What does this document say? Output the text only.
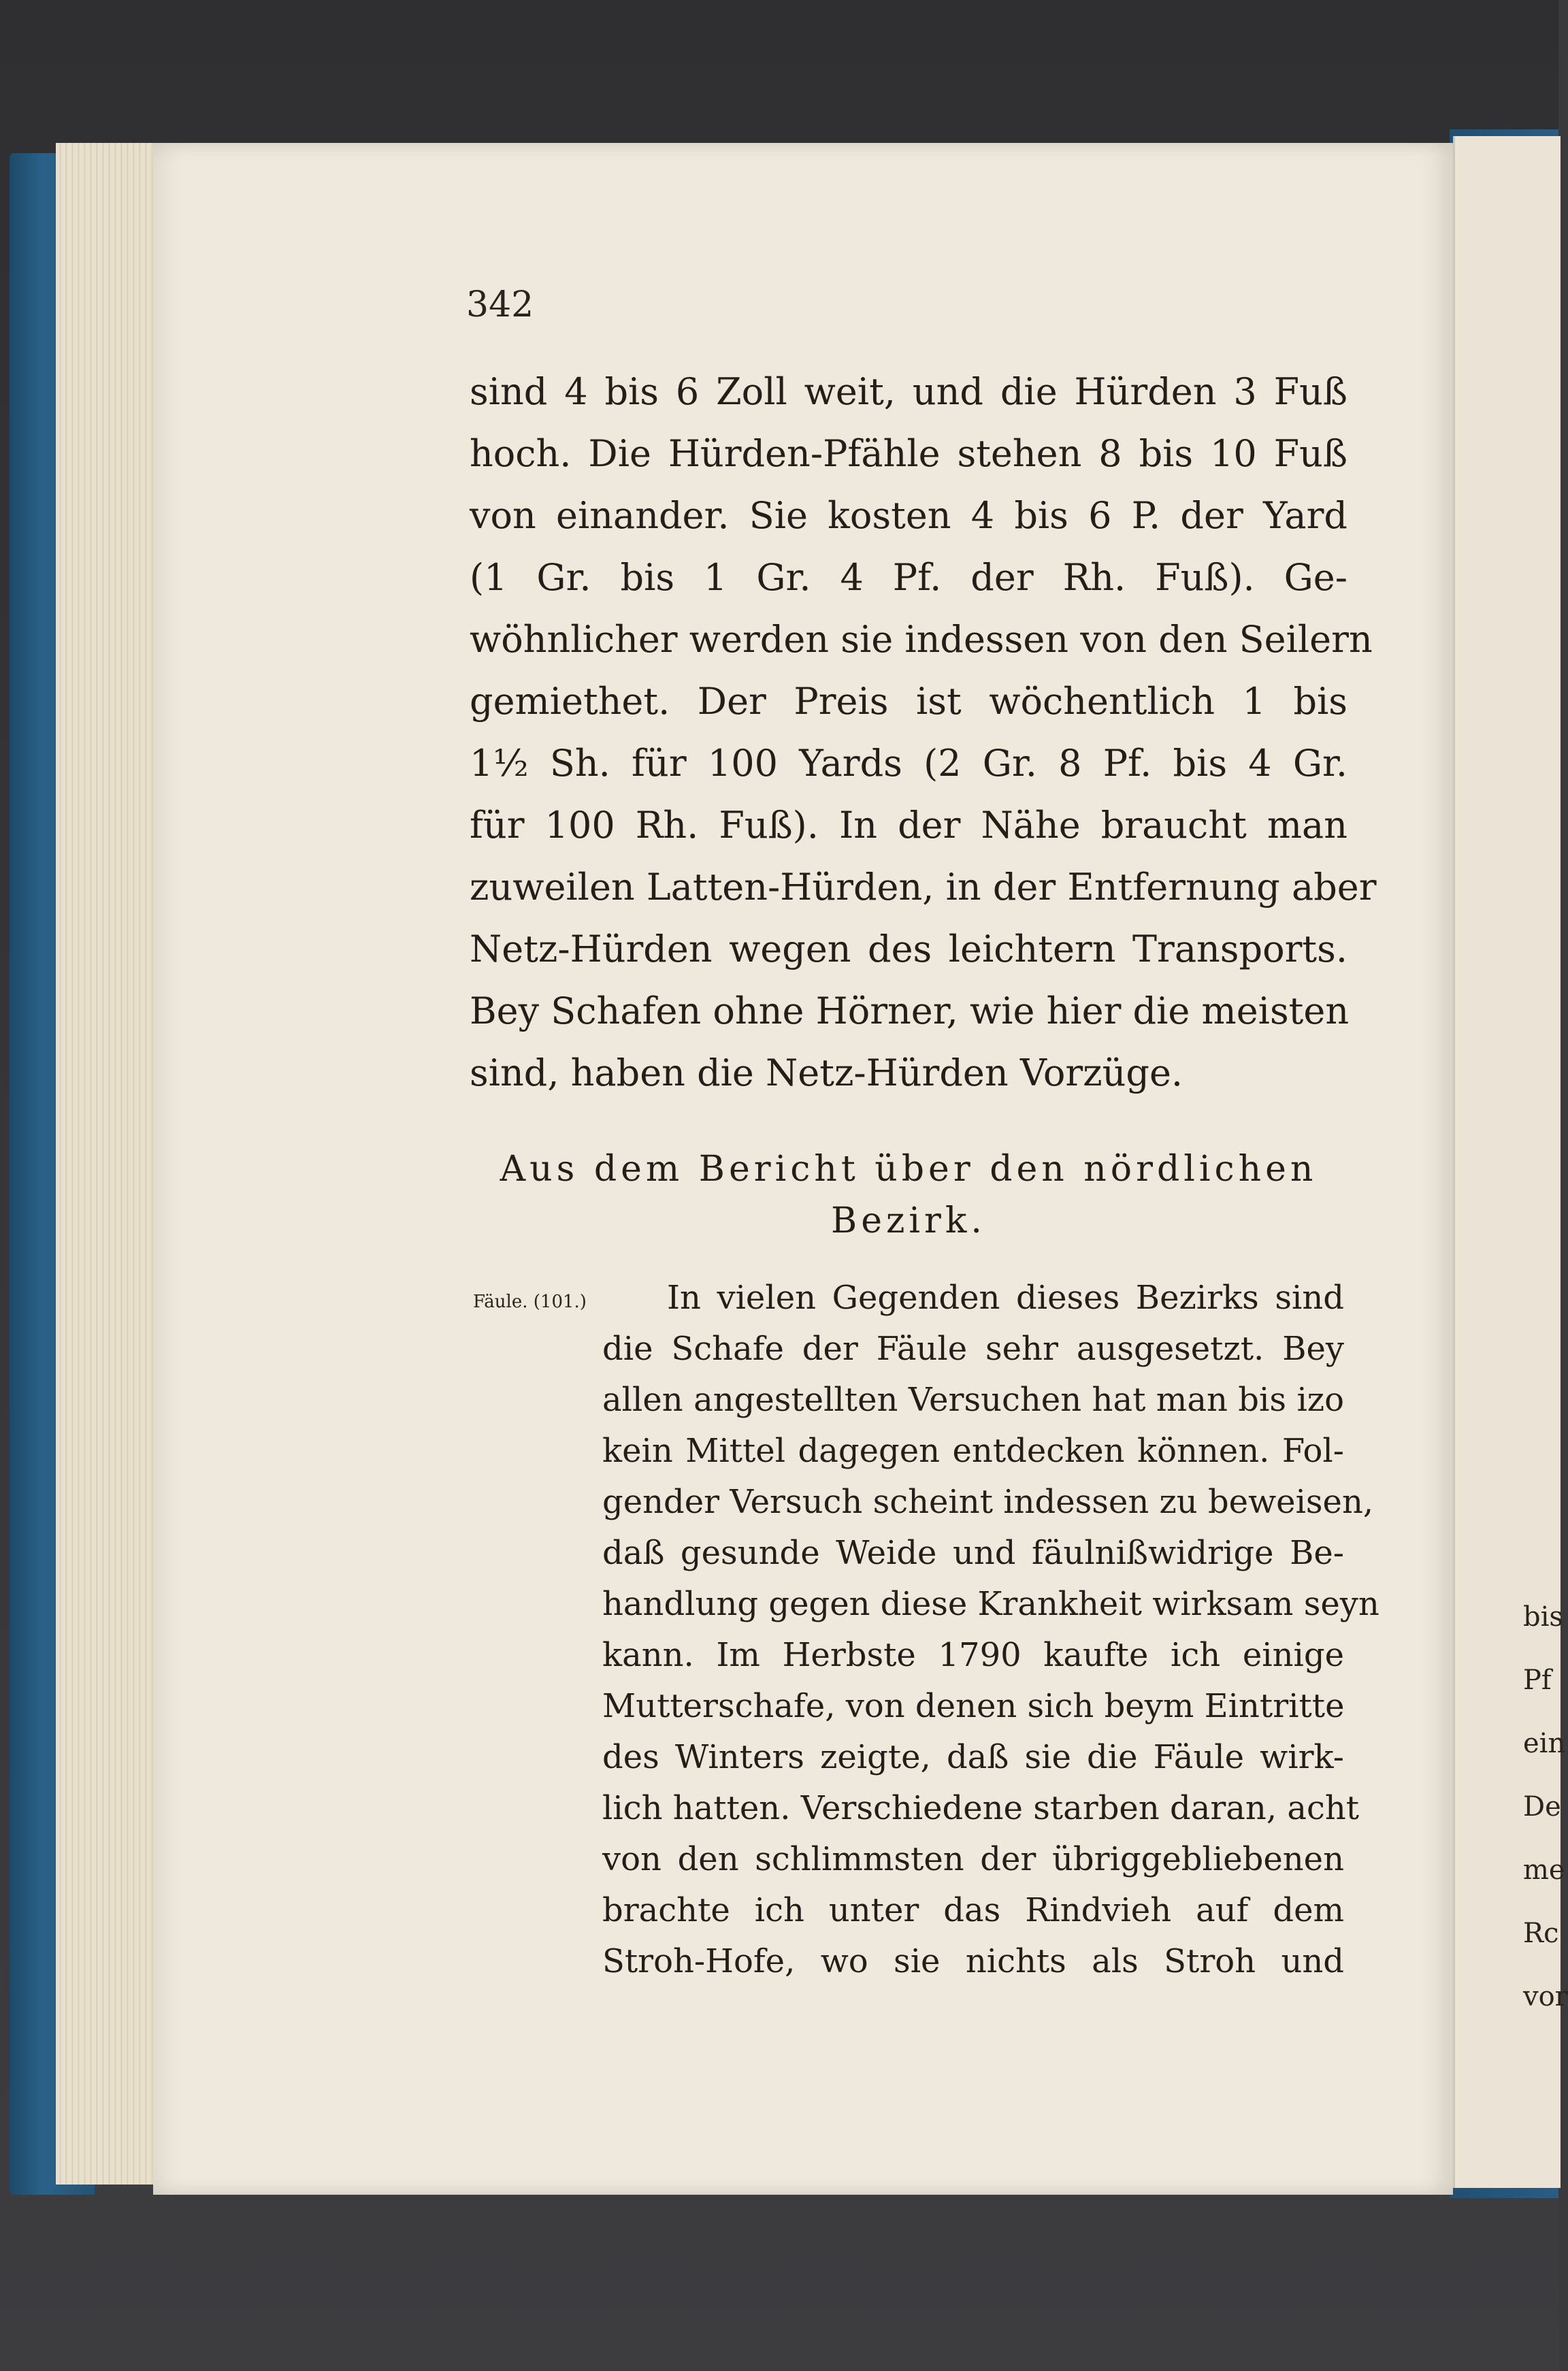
342
sind 4 bis 6 Zoll weit, und die Hürden 3 Fuß
hoch. Die Hürden-Pfähle stehen 8 bis 10 Fuß
von einander. Sie kosten 4 bis 6 P. der Yard
(1 Gr. bis 1 Gr. 4 Pf. der Rh. Fuß). Ge-
wöhnlicher werden sie indessen von den Seilern
gemiethet. Der Preis ist wöchentlich 1 bis
1½ Sh. für 100 Yards (2 Gr. 8 Pf. bis 4 Gr.
für 100 Rh. Fuß). In der Nähe braucht man
zuweilen Latten-Hürden, in der Entfernung aber
Netz-Hürden wegen des leichtern Transports.
Bey Schafen ohne Hörner, wie hier die meisten
sind, haben die Netz-Hürden Vorzüge.
Aus dem Bericht über den nördlichen
Bezirk.
Fäule. (101.)	In vielen Gegenden dieses Bezirks sind
die Schafe der Fäule sehr ausgesetzt. Bey
allen angestellten Versuchen hat man bis izo
kein Mittel dagegen entdecken können. Fol-
gender Versuch scheint indessen zu beweisen,
daß gesunde Weide und fäulnißwidrige Be-
handlung gegen diese Krankheit wirksam seyn
kann. Im Herbste 1790 kaufte ich einige
Mutterschafe, von denen sich beym Eintritte
des Winters zeigte, daß sie die Fäule wirk-
lich hatten. Verschiedene starben daran, acht
von den schlimmsten der übriggebliebenen
brachte ich unter das Rindvieh auf dem
Stroh-Hofe, wo sie nichts als Stroh und
bis
Pf
ein
De
me
Rc
vor
